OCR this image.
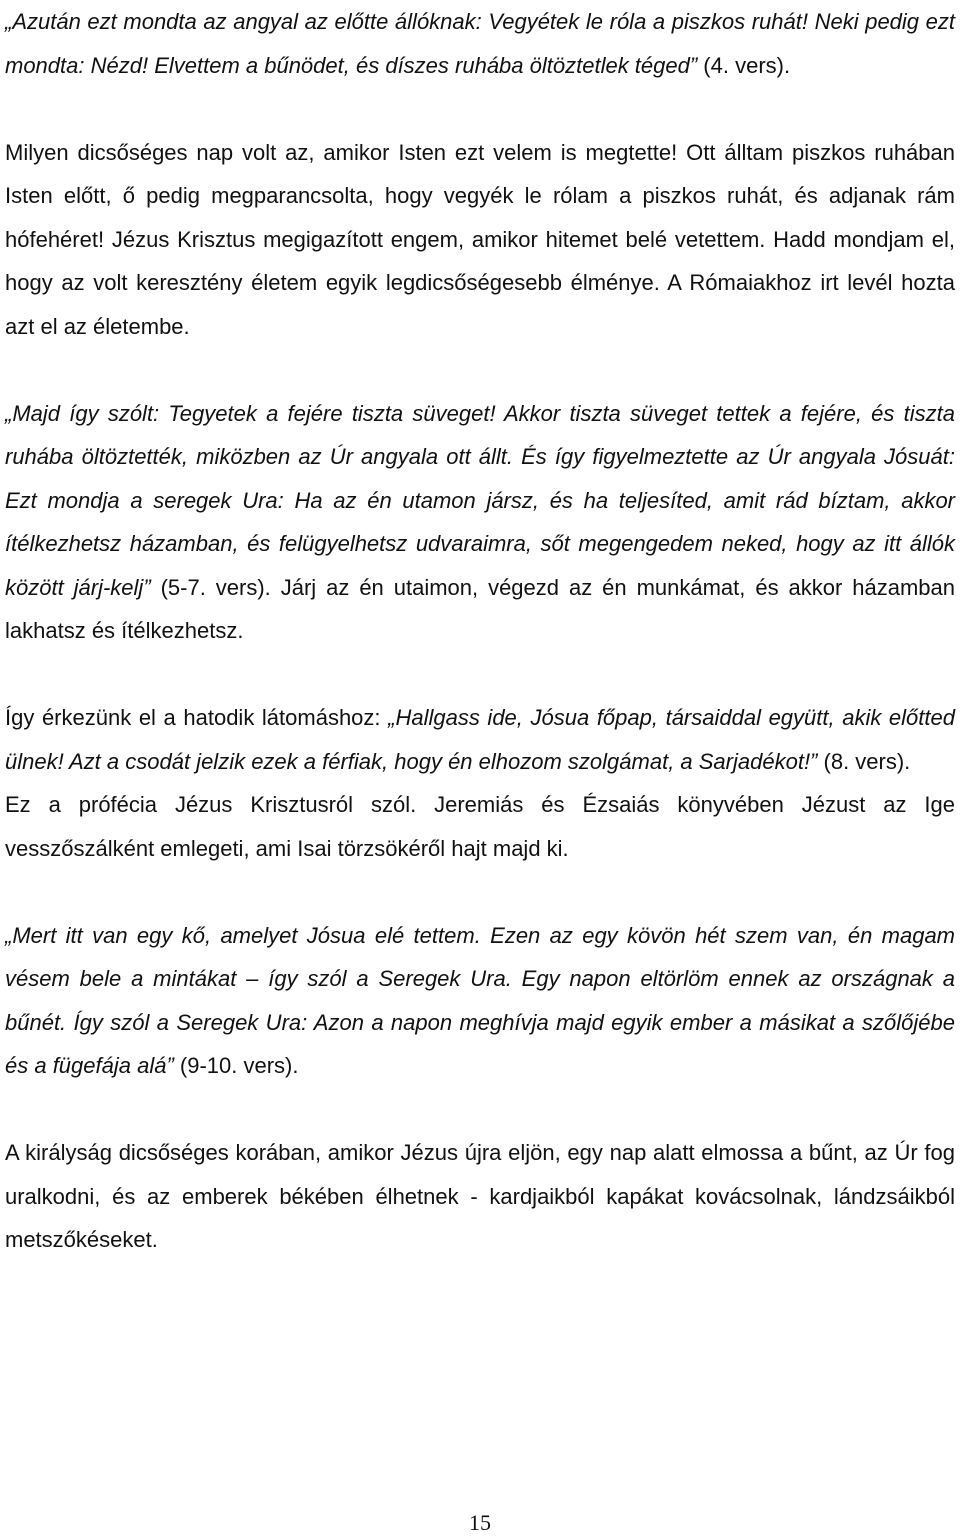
„Azután ezt mondta az angyal az előtte állóknak: Vegyétek le róla a piszkos ruhát! Neki pedig ezt mondta: Nézd! Elvettem a bűnödet, és díszes ruhába öltöztetlek téged” (4. vers).

Milyen dicsőséges nap volt az, amikor Isten ezt velem is megtette! Ott álltam piszkos ruhában Isten előtt, ő pedig megparancsolta, hogy vegyék le rólam a piszkos ruhát, és adjanak rám hófehéret! Jézus Krisztus megigazított engem, amikor hitemet belé vetettem. Hadd mondjam el, hogy az volt keresztény életem egyik legdicsőségesebb élménye. A Rómaiakhoz irt levél hozta azt el az életembe.

„Majd így szólt: Tegyetek a fejére tiszta süveget! Akkor tiszta süveget tettek a fejére, és tiszta ruhába öltöztették, miközben az Úr angyala ott állt. És így figyelmeztette az Úr angyala Jósuát: Ezt mondja a seregek Ura: Ha az én utamon jársz, és ha teljesíted, amit rád bíztam, akkor ítélkezhetsz házamban, és felügyelhetsz udvaraimra, sőt megengedem neked, hogy az itt állók között járj-kelj” (5-7. vers). Járj az én utaimon, végezd az én munkámat, és akkor házamban lakhatsz és ítélkezhetsz.

Így érkezünk el a hatodik látomáshoz: „Hallgass ide, Jósua főpap, társaiddal együtt, akik előtted ülnek! Azt a csodát jelzik ezek a férfiak, hogy én elhozom szolgámat, a Sarjadékot!” (8. vers).

Ez a prófécia Jézus Krisztusról szól. Jeremiás és Ézsaiás könyvében Jézust az Ige vesszőszálként emlegeti, ami Isai törzsökéről hajt majd ki.

„Mert itt van egy kő, amelyet Jósua elé tettem. Ezen az egy kövön hét szem van, én magam vésem bele a mintákat – így szól a Seregek Ura. Egy napon eltörlöm ennek az országnak a bűnét. Így szól a Seregek Ura: Azon a napon meghívja majd egyik ember a másikat a szőlőjébe és a fügefája alá” (9-10. vers).

A királyság dicsőséges korában, amikor Jézus újra eljön, egy nap alatt elmossa a bűnt, az Úr fog uralkodni, és az emberek békében élhetnek - kardjaikból kapákat kovácsolnak, lándzsáikból metszőkéseket.

15
